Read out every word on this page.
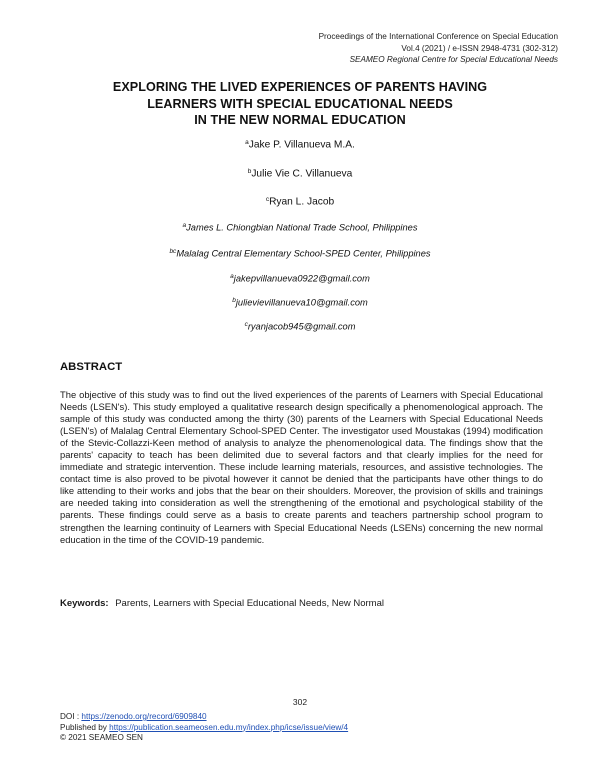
Proceedings of the International Conference on Special Education
Vol.4 (2021) / e-ISSN 2948-4731 (302-312)
SEAMEO Regional Centre for Special Educational Needs
EXPLORING THE LIVED EXPERIENCES OF PARENTS HAVING
LEARNERS WITH SPECIAL EDUCATIONAL NEEDS
IN THE NEW NORMAL EDUCATION
$^a$Jake P. Villanueva M.A.
$^b$Julie Vie C. Villanueva
$^c$Ryan L. Jacob
$^a$James L. Chiongbian National Trade School, Philippines
$^{bc}$Malalag Central Elementary School-SPED Center, Philippines
$^a$jakepvillanueva0922@gmail.com
$^b$julievievillanueva10@gmail.com
$^c$ryanjacob945@gmail.com
ABSTRACT

The objective of this study was to find out the lived experiences of the parents of Learners with Special Educational Needs (LSEN's). This study employed a qualitative research design specifically a phenomenological approach. The sample of this study was conducted among the thirty (30) parents of the Learners with Special Educational Needs (LSEN's) of Malalag Central Elementary School-SPED Center. The investigator used Moustakas (1994) modification of the Stevic-Collazzi-Keen method of analysis to analyze the phenomenological data. The findings show that the parents' capacity to teach has been delimited due to several factors and that clearly implies for the need for immediate and strategic intervention. These include learning materials, resources, and assistive technologies. The contact time is also proved to be pivotal however it cannot be denied that the participants have other things to do like attending to their works and jobs that the bear on their shoulders. Moreover, the provision of skills and trainings are needed taking into consideration as well the strengthening of the emotional and psychological stability of the parents. These findings could serve as a basis to create parents and teachers partnership school program to strengthen the learning continuity of Learners with Special Educational Needs (LSENs) concerning the new normal education in the time of the COVID-19 pandemic.

Keywords: Parents, Learners with Special Educational Needs, New Normal
302
DOI : https://zenodo.org/record/6909840
Published by https://publication.seameosen.edu.my/index.php/icse/issue/view/4
© 2021 SEAMEO SEN
